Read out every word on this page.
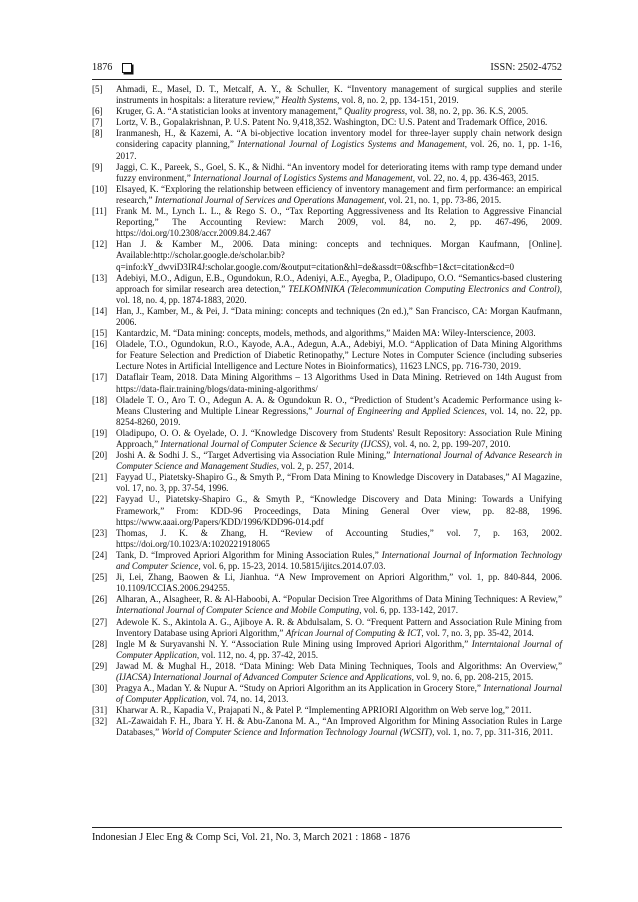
1876	ISSN: 2502-4752
[5]	Ahmadi, E., Masel, D. T., Metcalf, A. Y., & Schuller, K. “Inventory management of surgical supplies and sterile instruments in hospitals: a literature review,” Health Systems, vol. 8, no. 2, pp. 134-151, 2019.
[6]	Kruger, G. A. “A statistician looks at inventory management,” Quality progress, vol. 38, no. 2, pp. 36. K.S, 2005.
[7]	Lortz, V. B., Gopalakrishnan, P. U.S. Patent No. 9,418,352. Washington, DC: U.S. Patent and Trademark Office, 2016.
[8]	Iranmanesh, H., & Kazemi, A. “A bi-objective location inventory model for three-layer supply chain network design considering capacity planning,” International Journal of Logistics Systems and Management, vol. 26, no. 1, pp. 1-16, 2017.
[9]	Jaggi, C. K., Pareek, S., Goel, S. K., & Nidhi. “An inventory model for deteriorating items with ramp type demand under fuzzy environment,” International Journal of Logistics Systems and Management, vol. 22, no. 4, pp. 436-463, 2015.
[10] Elsayed, K. “Exploring the relationship between efficiency of inventory management and firm performance: an empirical research,” International Journal of Services and Operations Management, vol. 21, no. 1, pp. 73-86, 2015.
[11]	Frank M. M., Lynch L. L., & Rego S. O., “Tax Reporting Aggressiveness and Its Relation to Aggressive Financial Reporting,” The Accounting Review: March 2009, vol. 84, no. 2, pp. 467-496, 2009. https://doi.org/10.2308/accr.2009.84.2.467
[12] Han J. & Kamber M., 2006. Data mining: concepts and techniques. Morgan Kaufmann, [Online]. Available:http://scholar.google.de/scholar.bib?q=info:kY_dwviD3IR4J:scholar.google.com/&output=citation&hl=de&assdt=0&scfhb=1&ct=citation&cd=0
[13] Adebiyi, M.O., Adigun, E.B., Ogundokun, R.O., Adeniyi, A.E., Ayegba, P., Oladipupo, O.O. “Semantics-based clustering approach for similar research area detection,” TELKOMNIKA (Telecommunication Computing Electronics and Control), vol. 18, no. 4, pp. 1874-1883, 2020.
[14] Han, J., Kamber, M., & Pei, J. “Data mining: concepts and techniques (2n ed.),” San Francisco, CA: Morgan Kaufmann, 2006.
[15] Kantardzic, M. “Data mining: concepts, models, methods, and algorithms,” Maiden MA: Wiley-Interscience, 2003.
[16] Oladele, T.O., Ogundokun, R.O., Kayode, A.A., Adegun, A.A., Adebiyi, M.O. “Application of Data Mining Algorithms for Feature Selection and Prediction of Diabetic Retinopathy,” Lecture Notes in Computer Science (including subseries Lecture Notes in Artificial Intelligence and Lecture Notes in Bioinformatics), 11623 LNCS, pp. 716-730, 2019.
[17] Dataflair Team, 2018. Data Mining Algorithms – 13 Algorithms Used in Data Mining. Retrieved on 14th August from https://data-flair.training/blogs/data-mining-algorithms/
[18] Oladele T. O., Aro T. O., Adegun A. A. & Ogundokun R. O., “Prediction of Student’s Academic Performance using k-Means Clustering and Multiple Linear Regressions,” Journal of Engineering and Applied Sciences, vol. 14, no. 22, pp. 8254-8260, 2019.
[19] Oladipupo, O. O. & Oyelade, O. J. “Knowledge Discovery from Students' Result Repository: Association Rule Mining Approach,” International Journal of Computer Science & Security (IJCSS), vol. 4, no. 2, pp. 199-207, 2010.
[20] Joshi A. & Sodhi J. S., “Target Advertising via Association Rule Mining,” International Journal of Advance Research in Computer Science and Management Studies, vol. 2, p. 257, 2014.
[21] Fayyad U., Piatetsky-Shapiro G., & Smyth P., “From Data Mining to Knowledge Discovery in Databases,” AI Magazine, vol. 17, no. 3, pp. 37-54, 1996.
[22] Fayyad U., Piatetsky-Shapiro G., & Smyth P., “Knowledge Discovery and Data Mining: Towards a Unifying Framework,” From: KDD-96 Proceedings, Data Mining General Over view, pp. 82-88, 1996. https://www.aaai.org/Papers/KDD/1996/KDD96-014.pdf
[23] Thomas, J. K. & Zhang, H. “Review of Accounting Studies,” vol. 7, p. 163, 2002. https://doi.org/10.1023/A:1020221918065
[24] Tank, D. “Improved Apriori Algorithm for Mining Association Rules,” International Journal of Information Technology and Computer Science, vol. 6, pp. 15-23, 2014. 10.5815/ijitcs.2014.07.03.
[25] Ji, Lei, Zhang, Baowen & Li, Jianhua. “A New Improvement on Apriori Algorithm,” vol. 1, pp. 840-844, 2006. 10.1109/ICCIAS.2006.294255.
[26] Alharan, A., Alsagheer, R. & Al-Haboobi, A. “Popular Decision Tree Algorithms of Data Mining Techniques: A Review,” International Journal of Computer Science and Mobile Computing, vol. 6, pp. 133-142, 2017.
[27] Adewole K. S., Akintola A. G., Ajiboye A. R. & Abdulsalam, S. O. “Frequent Pattern and Association Rule Mining from Inventory Database using Apriori Algorithm,” African Journal of Computing & ICT, vol. 7, no. 3, pp. 35-42, 2014.
[28] Ingle M & Suryavanshi N. Y. “Association Rule Mining using Improved Apriori Algorithm,” Interntaional Journal of Computer Application, vol. 112, no. 4, pp. 37-42, 2015.
[29] Jawad M. & Mughal H., 2018. “Data Mining: Web Data Mining Techniques, Tools and Algorithms: An Overview,” (IJACSA) International Journal of Advanced Computer Science and Applications, vol. 9, no. 6, pp. 208-215, 2015.
[30] Pragya A., Madan Y. & Nupur A. “Study on Apriori Algorithm an its Application in Grocery Store,” International Journal of Computer Application, vol. 74, no. 14, 2013.
[31] Kharwar A. R., Kapadia V., Prajapati N., & Patel P. “Implementing APRIORI Algorithm on Web serve log,” 2011.
[32] AL-Zawaidah F. H., Jbara Y. H. & Abu-Zanona M. A., “An Improved Algorithm for Mining Association Rules in Large Databases,” World of Computer Science and Information Technology Journal (WCSIT), vol. 1, no. 7, pp. 311-316, 2011.
Indonesian J Elec Eng & Comp Sci, Vol. 21, No. 3, March 2021 : 1868 - 1876
